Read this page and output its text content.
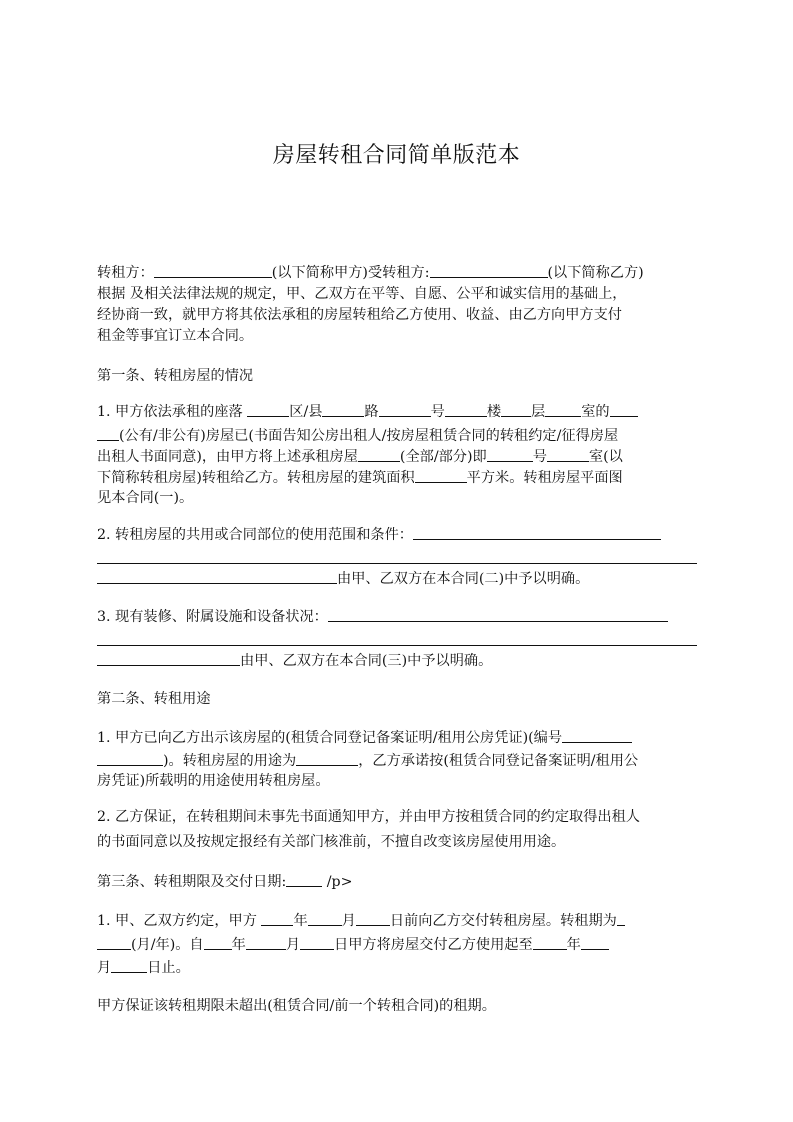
房屋转租合同简单版范本
转租方：	(以下简称甲方)受转租方:	(以下简称乙方)
根据 及相关法律法规的规定，甲、乙双方在平等、自愿、公平和诚实信用的基础上，
经协商一致，就甲方将其依法承租的房屋转租给乙方使用、收益、由乙方向甲方支付
租金等事宜订立本合同。
第一条、转租房屋的情况
1. 甲方依法承租的座落	区/县	路	号	楼 层	室的
(公有/非公有)房屋已(书面告知公房出租人/按房屋租赁合同的转租约定/征得房屋
出租人书面同意)，由甲方将上述承租房屋	(全部/部分)即	号	室(以
下简称转租房屋)转租给乙方。转租房屋的建筑面积	平方米。转租房屋平面图
见本合同(一)。
2. 转租房屋的共用或合同部位的使用范围和条件：
由甲、乙双方在本合同(二)中予以明确。
3. 现有装修、附属设施和设备状况：
由甲、乙双方在本合同(三)中予以明确。
第二条、转租用途
1. 甲方已向乙方出示该房屋的(租赁合同登记备案证明/租用公房凭证)(编号
)。转租房屋的用途为	，乙方承诺按(租赁合同登记备案证明/租用公
房凭证)所载明的用途使用转租房屋。
2. 乙方保证，在转租期间未事先书面通知甲方，并由甲方按租赁合同的约定取得出租人
的书面同意以及按规定报经有关部门核准前，不擅自改变该房屋使用用途。
第三条、转租期限及交付日期:	/p>
1. 甲、乙双方约定，甲方	年 月 日前向乙方交付转租房屋。转租期为
(月/年)。自 年	月 日甲方将房屋交付乙方使用起至 年
月	日止。
甲方保证该转租期限未超出(租赁合同/前一个转租合同)的租期。
